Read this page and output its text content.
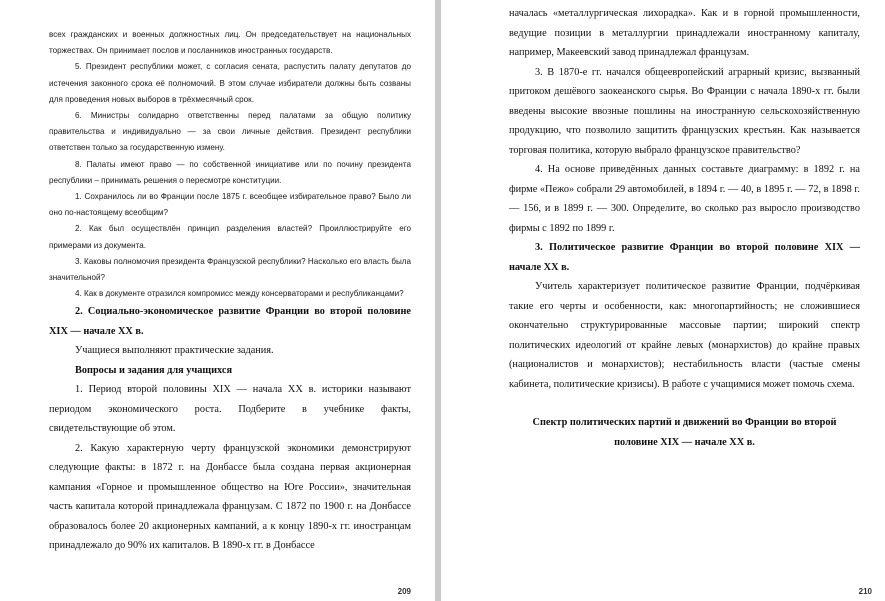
всех гражданских и военных должностных лиц. Он председательствует на национальных торжествах. Он принимает послов и посланников иностранных государств.

5. Президент республики может, с согласия сената, распустить палату депутатов до истечения законного срока её полномочий. В этом случае избиратели должны быть созваны для проведения новых выборов в трёхмесячный срок.

6. Министры солидарно ответственны перед палатами за общую политику правительства и индивидуально — за свои личные действия. Президент республики ответствен только за государственную измену.

8. Палаты имеют право — по собственной инициативе или по почину президента республики – принимать решения о пересмотре конституции.

1. Сохранилось ли во Франции после 1875 г. всеобщее избирательное право? Было ли оно по-настоящему всеобщим?

2. Как был осуществлён принцип разделения властей? Проиллюстрируйте его примерами из документа.

3. Каковы полномочия президента Французской республики? Насколько его власть была значительной?

4. Как в документе отразился компромисс между консерваторами и республиканцами?

2. Социально-экономическое развитие Франции во второй половине XIX — начале XX в.

Учащиеся выполняют практические задания.

Вопросы и задания для учащихся

1. Период второй половины XIX — начала XX в. историки называют периодом экономического роста. Подберите в учебнике факты, свидетельствующие об этом.

2. Какую характерную черту французской экономики демонстрируют следующие факты: в 1872 г. на Донбассе была создана первая акционерная кампания «Горное и промышленное общество на Юге России», значительная часть капитала которой принадлежала французам. С 1872 по 1900 г. на Донбассе образовалось более 20 акционерных кампаний, а к концу 1890-х гг. иностранцам принадлежало до 90% их капиталов. В 1890-х гг. в Донбассе

209

началась «металлургическая лихорадка». Как и в горной промышленности, ведущие позиции в металлургии принадлежали иностранному капиталу, например, Макеевский завод принадлежал французам.

3. В 1870-е гг. начался общеевропейский аграрный кризис, вызванный притоком дешёвого заокеанского сырья. Во Франции с начала 1890-х гг. были введены высокие ввозные пошлины на иностранную сельскохозяйственную продукцию, что позволило защитить французских крестьян. Как называется торговая политика, которую выбрало французское правительство?

4. На основе приведённых данных составьте диаграмму: в 1892 г. на фирме «Пежо» собрали 29 автомобилей, в 1894 г. — 40, в 1895 г. — 72, в 1898 г. — 156, и в 1899 г. — 300. Определите, во сколько раз выросло производство фирмы с 1892 по 1899 г.

3. Политическое развитие Франции во второй половине XIX — начале XX в.

Учитель характеризует политическое развитие Франции, подчёркивая такие его черты и особенности, как: многопартийность; не сложившиеся окончательно структурированные массовые партии; широкий спектр политических идеологий от крайне левых (монархистов) до крайне правых (националистов и монархистов); нестабильность власти (частые смены кабинета, политические кризисы). В работе с учащимися может помочь схема.

Спектр политических партий и движений во Франции во второй половине XIX — начале XX в.

210
